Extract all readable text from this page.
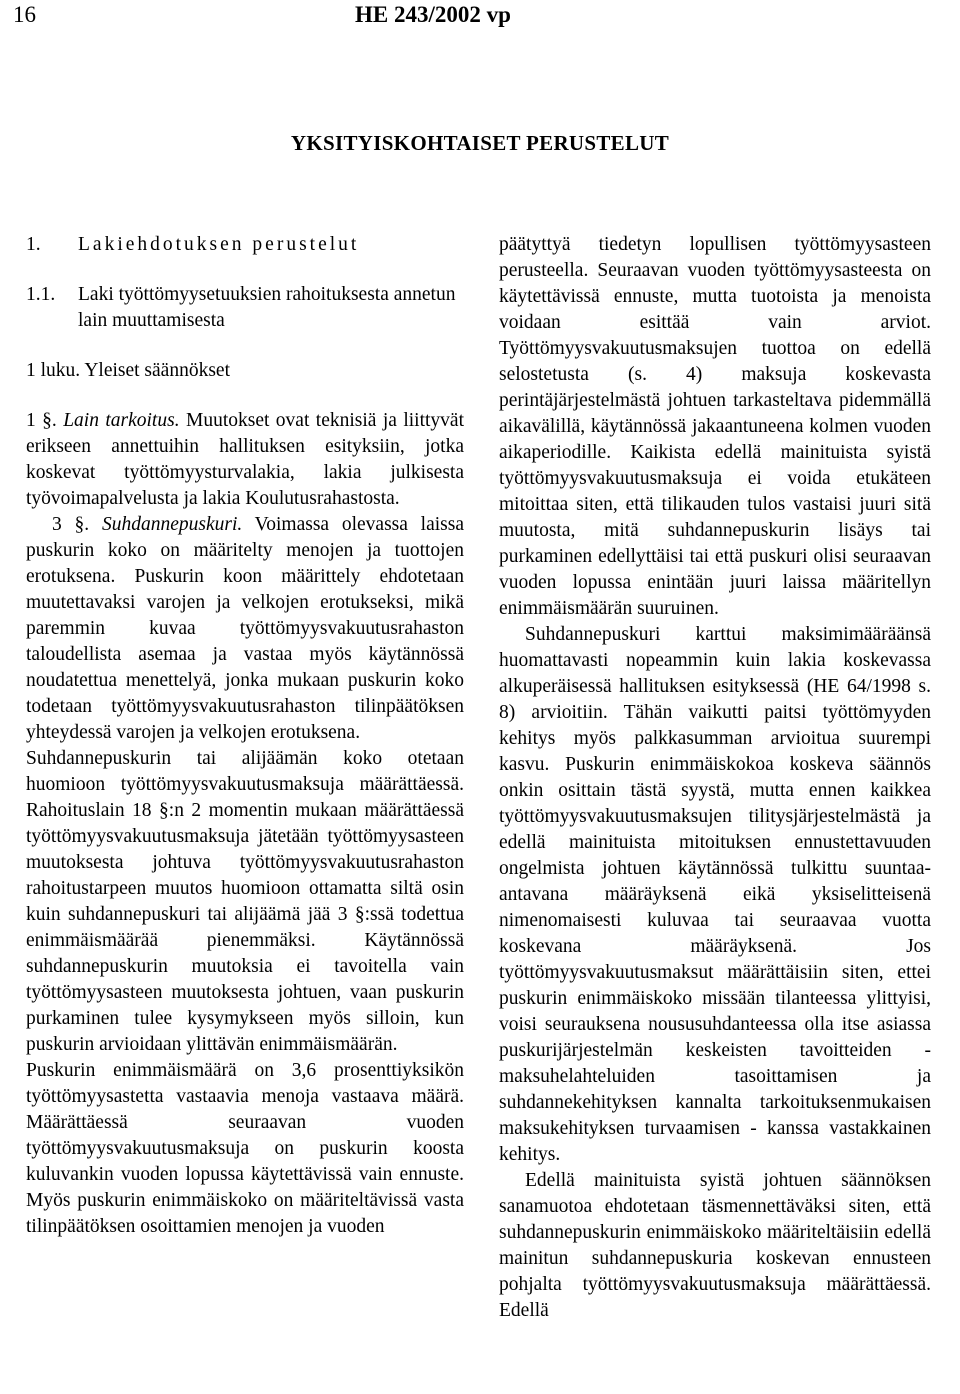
16	HE 243/2002 vp
YKSITYISKOHTAISET PERUSTELUT
1.	Lakiehdotuksen perustelut
1.1.	Laki työttömyysetuuksien rahoituksesta annetun lain muuttamisesta
1 luku. Yleiset säännökset

1 §. Lain tarkoitus. Muutokset ovat teknisiä ja liittyvät erikseen annettuihin hallituksen esityksiin, jotka koskevat työttömyysturvalakia, lakia julkisesta työvoimapalvelusta ja lakia Koulutusrahastosta.

3 §. Suhdannepuskuri. Voimassa olevassa laissa puskurin koko on määritelty menojen ja tuottojen erotuksena. Puskurin koon määrittely ehdotetaan muutettavaksi varojen ja velkojen erotukseksi, mikä paremmin kuvaa työttömyysvakuutusrahaston taloudellista asemaa ja vastaa myös käytännössä noudatettua menettelyä, jonka mukaan puskurin koko todetaan työttömyysvakuutusrahaston tilinpäätöksen yhteydessä varojen ja velkojen erotuksena.

Suhdannepuskurin tai alijäämän koko otetaan huomioon työttömyysvakuutusmaksuja määrättäessä. Rahoituslain 18 §:n 2 momentin mukaan määrättäessä työttömyysvakuutusmaksuja jätetään työttömyysasteen muutoksesta johtuva työttömyysvakuutusrahaston rahoitustarpeen muutos huomioon ottamatta siltä osin kuin suhdannepuskuri tai alijäämä jää 3 §:ssä todettua enimmäismäärää pienemmäksi. Käytännössä suhdannepuskurin muutoksia ei tavoitella vain työttömyysasteen muutoksesta johtuen, vaan puskurin purkaminen tulee kysymykseen myös silloin, kun puskurin arvioidaan ylittävän enimmäismäärän.

Puskurin enimmäismäärä on 3,6 prosenttiyksikön työttömyysastetta vastaavia menoja vastaava määrä. Määrättäessä seuraavan vuoden työttömyysvakuutusmaksuja on puskurin koosta kuluvankin vuoden lopussa käytettävissä vain ennuste. Myös puskurin enimmäiskoko on määriteltävissä vasta tilinpäätöksen osoittamien menojen ja vuoden

päätyttyä tiedetyn lopullisen työttömyysasteen perusteella. Seuraavan vuoden työttömyysasteesta on käytettävissä ennuste, mutta tuotoista ja menoista voidaan esittää vain arviot. Työttömyysvakuutusmaksujen tuottoa on edellä selostetusta (s. 4) maksuja koskevasta perintäjärjestelmästä johtuen tarkasteltava pidemmällä aikavälillä, käytännössä jakaantuneena kolmen vuoden aikaperiodille. Kaikista edellä mainituista syistä työttömyysvakuutusmaksuja ei voida etukäteen mitoittaa siten, että tilikauden tulos vastaisi juuri sitä muutosta, mitä suhdannepuskurin lisäys tai purkaminen edellyttäisi tai että puskuri olisi seuraavan vuoden lopussa enintään juuri laissa määritellyn enimmäismäärän suuruinen.

Suhdannepuskuri karttui maksimimääräänsä huomattavasti nopeammin kuin lakia koskevassa alkuperäisessä hallituksen esityksessä (HE 64/1998 s. 8) arvioitiin. Tähän vaikutti paitsi työttömyyden kehitys myös palkkasumman arvioitua suurempi kasvu. Puskurin enimmäiskokoa koskeva säännös onkin osittain tästä syystä, mutta ennen kaikkea työttömyysvakuutusmaksujen tilitysjärjestelmästä ja edellä mainituista mitoituksen ennustettavuuden ongelmista johtuen käytännössä tulkittu suuntaa-antavana määräyksenä eikä yksiselitteisenä nimenomaisesti kuluvaa tai seuraavaa vuotta koskevana määräyksenä. Jos työttömyysvakuutusmaksut määrättäisiin siten, ettei puskurin enimmäiskoko missään tilanteessa ylittyisi, voisi seurauksena noususuhdanteessa olla itse asiassa puskurijärjestelmän keskeisten tavoitteiden - maksuhelahteluiden tasoittamisen ja suhdannekehityksen kannalta tarkoituksenmukaisen maksukehityksen turvaamisen - kanssa vastakkainen kehitys.

Edellä mainituista syistä johtuen säännöksen sanamuotoa ehdotetaan täsmennettäväksi siten, että suhdannepuskurin enimmäiskoko määriteltäisiin edellä mainitun suhdannepuskuria koskevan ennusteen pohjalta työttömyysvakuutusmaksuja määrättäessä. Edellä
